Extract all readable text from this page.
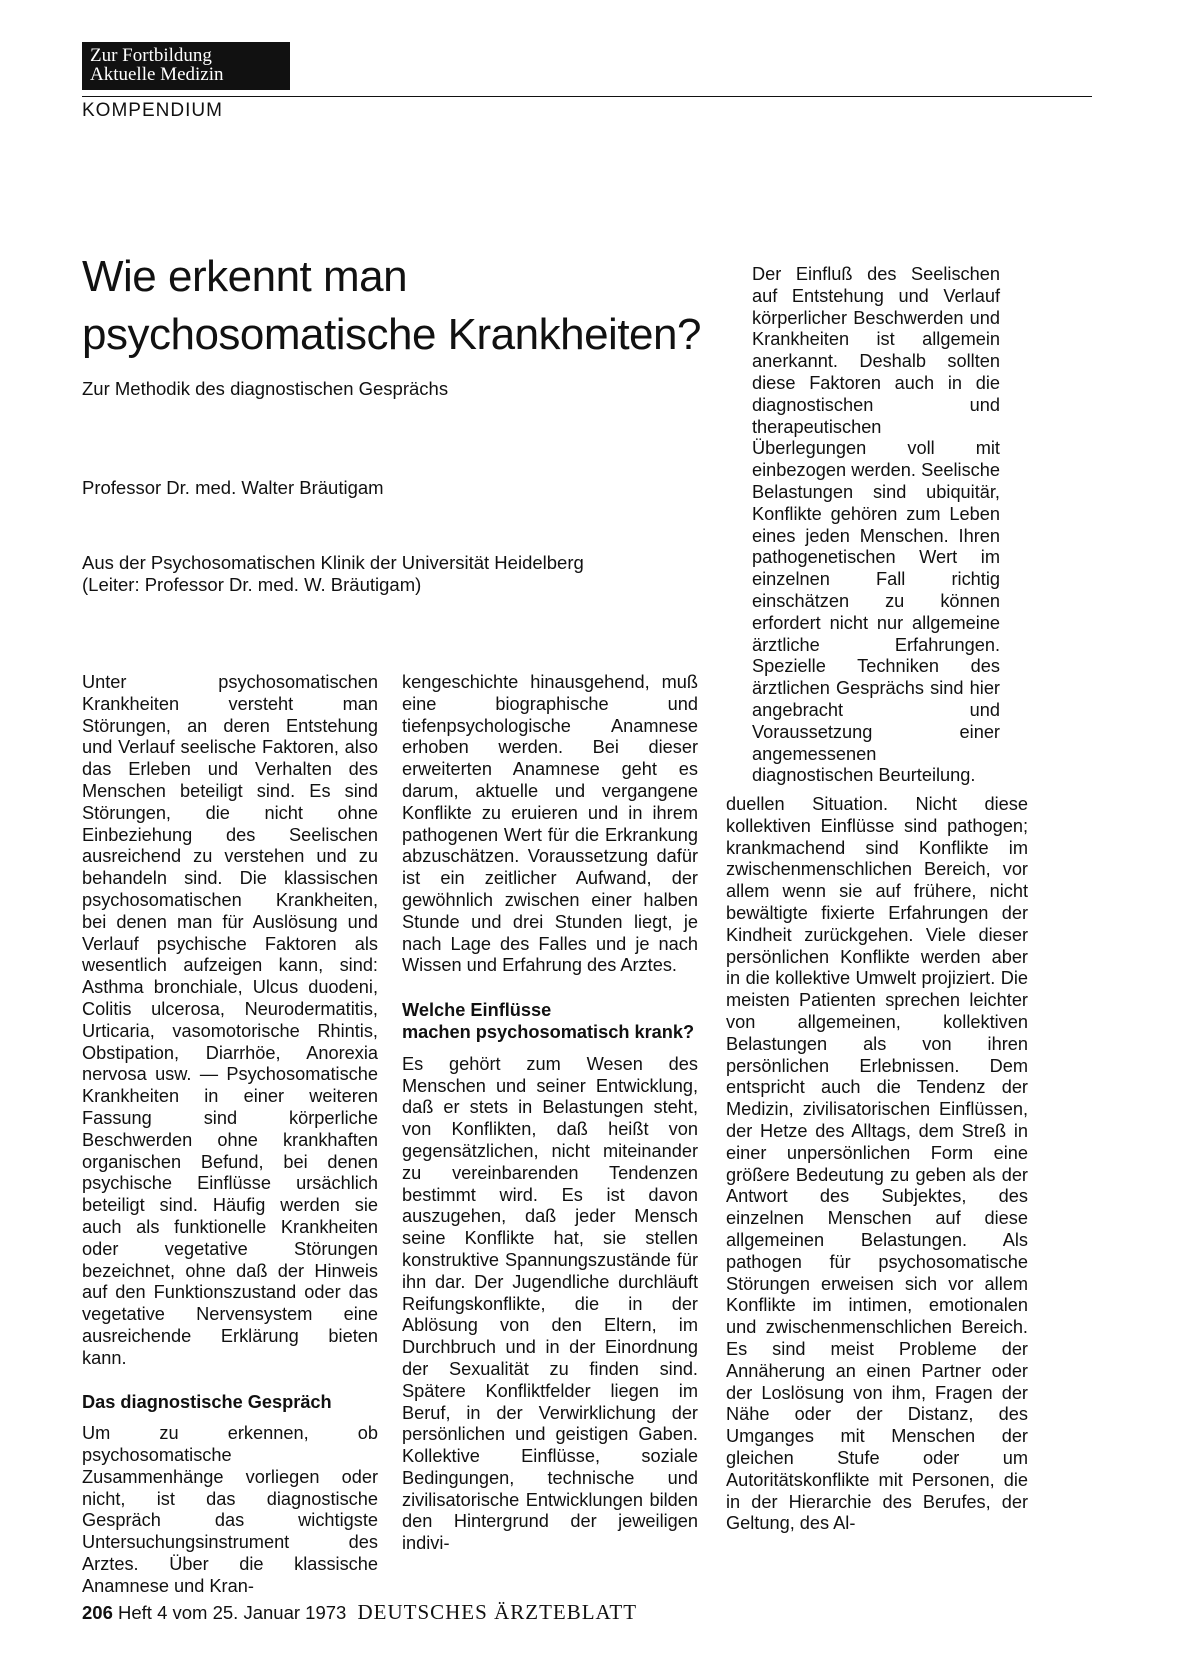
Zur Fortbildung
Aktuelle Medizin
KOMPENDIUM
Wie erkennt man psychosomatische Krankheiten?
Zur Methodik des diagnostischen Gesprächs
Professor Dr. med. Walter Bräutigam
Aus der Psychosomatischen Klinik der Universität Heidelberg
(Leiter: Professor Dr. med. W. Bräutigam)

Der Einfluß des Seelischen auf Entstehung und Verlauf körperlicher Beschwerden und Krankheiten ist allgemein anerkannt. Deshalb sollten diese Faktoren auch in die diagnostischen und therapeutischen Überlegungen voll mit einbezogen werden. Seelische Belastungen sind ubiquitär, Konflikte gehören zum Leben eines jeden Menschen. Ihren pathogenetischen Wert im einzelnen Fall richtig einschätzen zu können erfordert nicht nur allgemeine ärztliche Erfahrungen. Spezielle Techniken des ärztlichen Gesprächs sind hier angebracht und Voraussetzung einer angemessenen diagnostischen Beurteilung.

Unter psychosomatischen Krankheiten versteht man Störungen, an deren Entstehung und Verlauf seelische Faktoren, also das Erleben und Verhalten des Menschen beteiligt sind. Es sind Störungen, die nicht ohne Einbeziehung des Seelischen ausreichend zu verstehen und zu behandeln sind. Die klassischen psychosomatischen Krankheiten, bei denen man für Auslösung und Verlauf psychische Faktoren als wesentlich aufzeigen kann, sind: Asthma bronchiale, Ulcus duodeni, Colitis ulcerosa, Neurodermatitis, Urticaria, vasomotorische Rhintis, Obstipation, Diarrhöe, Anorexia nervosa usw. — Psychosomatische Krankheiten in einer weiteren Fassung sind körperliche Beschwerden ohne krankhaften organischen Befund, bei denen psychische Einflüsse ursächlich beteiligt sind. Häufig werden sie auch als funktionelle Krankheiten oder vegetative Störungen bezeichnet, ohne daß der Hinweis auf den Funktionszustand oder das vegetative Nervensystem eine ausreichende Erklärung bieten kann.

Das diagnostische Gespräch

Um zu erkennen, ob psychosomatische Zusammenhänge vorliegen oder nicht, ist das diagnostische Gespräch das wichtigste Untersuchungsinstrument des Arztes. Über die klassische Anamnese und Kran-

kengeschichte hinausgehend, muß eine biographische und tiefenpsychologische Anamnese erhoben werden. Bei dieser erweiterten Anamnese geht es darum, aktuelle und vergangene Konflikte zu eruieren und in ihrem pathogenen Wert für die Erkrankung abzuschätzen. Voraussetzung dafür ist ein zeitlicher Aufwand, der gewöhnlich zwischen einer halben Stunde und drei Stunden liegt, je nach Lage des Falles und je nach Wissen und Erfahrung des Arztes.

Welche Einflüsse
machen psychosomatisch krank?

Es gehört zum Wesen des Menschen und seiner Entwicklung, daß er stets in Belastungen steht, von Konflikten, daß heißt von gegensätzlichen, nicht miteinander zu vereinbarenden Tendenzen bestimmt wird. Es ist davon auszugehen, daß jeder Mensch seine Konflikte hat, sie stellen konstruktive Spannungszustände für ihn dar. Der Jugendliche durchläuft Reifungskonflikte, die in der Ablösung von den Eltern, im Durchbruch und in der Einordnung der Sexualität zu finden sind. Spätere Konfliktfelder liegen im Beruf, in der Verwirklichung der persönlichen und geistigen Gaben. Kollektive Einflüsse, soziale Bedingungen, technische und zivilisatorische Entwicklungen bilden den Hintergrund der jeweiligen indivi-

duellen Situation. Nicht diese kollektiven Einflüsse sind pathogen; krankmachend sind Konflikte im zwischenmenschlichen Bereich, vor allem wenn sie auf frühere, nicht bewältigte fixierte Erfahrungen der Kindheit zurückgehen. Viele dieser persönlichen Konflikte werden aber in die kollektive Umwelt projiziert. Die meisten Patienten sprechen leichter von allgemeinen, kollektiven Belastungen als von ihren persönlichen Erlebnissen. Dem entspricht auch die Tendenz der Medizin, zivilisatorischen Einflüssen, der Hetze des Alltags, dem Streß in einer unpersönlichen Form eine größere Bedeutung zu geben als der Antwort des Subjektes, des einzelnen Menschen auf diese allgemeinen Belastungen. Als pathogen für psychosomatische Störungen erweisen sich vor allem Konflikte im intimen, emotionalen und zwischenmenschlichen Bereich. Es sind meist Probleme der Annäherung an einen Partner oder der Loslösung von ihm, Fragen der Nähe oder der Distanz, des Umganges mit Menschen der gleichen Stufe oder um Autoritätskonflikte mit Personen, die in der Hierarchie des Berufes, der Geltung, des Al-

206 Heft 4 vom 25. Januar 1973 DEUTSCHES ÄRZTEBLATT
